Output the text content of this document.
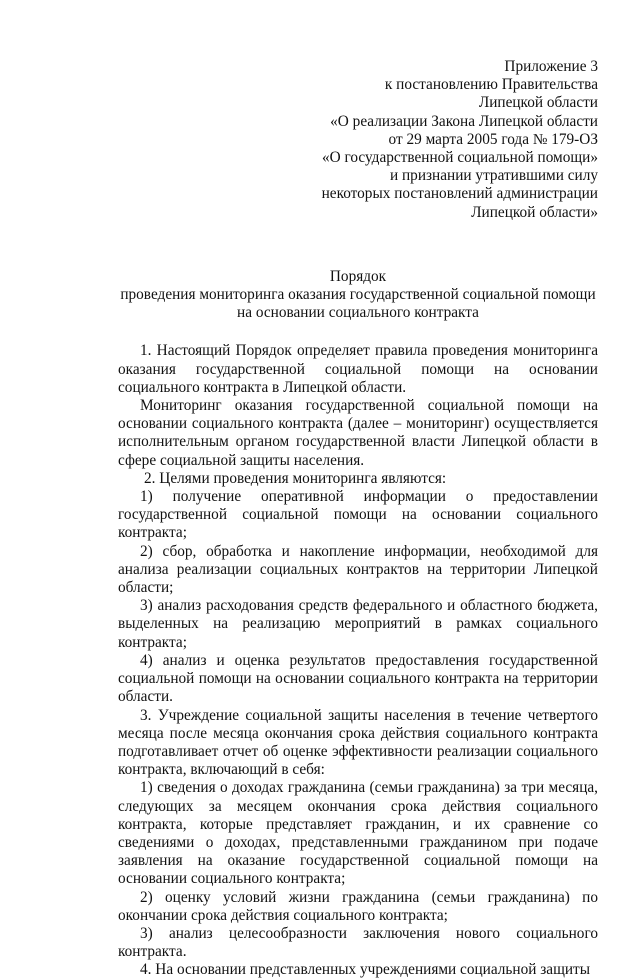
Приложение 3
к постановлению Правительства
Липецкой области
«О реализации Закона Липецкой области
от 29 марта 2005 года № 179-ОЗ
«О государственной социальной помощи»
и признании утратившими силу
некоторых постановлений администрации
Липецкой области»
Порядок
проведения мониторинга оказания государственной социальной помощи
на основании социального контракта

1. Настоящий Порядок определяет правила проведения мониторинга оказания государственной социальной помощи на основании социального контракта в Липецкой области.

Мониторинг оказания государственной социальной помощи на основании социального контракта (далее – мониторинг) осуществляется исполнительным органом государственной власти Липецкой области в сфере социальной защиты населения.

2. Целями проведения мониторинга являются:

1) получение оперативной информации о предоставлении государственной социальной помощи на основании социального контракта;

2) сбор, обработка и накопление информации, необходимой для анализа реализации социальных контрактов на территории Липецкой области;

3) анализ расходования средств федерального и областного бюджета, выделенных на реализацию мероприятий в рамках социального контракта;

4) анализ и оценка результатов предоставления государственной социальной помощи на основании социального контракта на территории области.

3. Учреждение социальной защиты населения в течение четвертого месяца после месяца окончания срока действия социального контракта подготавливает отчет об оценке эффективности реализации социального контракта, включающий в себя:

1) сведения о доходах гражданина (семьи гражданина) за три месяца, следующих за месяцем окончания срока действия социального контракта, которые представляет гражданин, и их сравнение со сведениями о доходах, представленными гражданином при подаче заявления на оказание государственной социальной помощи на основании социального контракта;

2) оценку условий жизни гражданина (семьи гражданина) по окончании срока действия социального контракта;

3) анализ целесообразности заключения нового социального контракта.

4. На основании представленных учреждениями социальной защиты
